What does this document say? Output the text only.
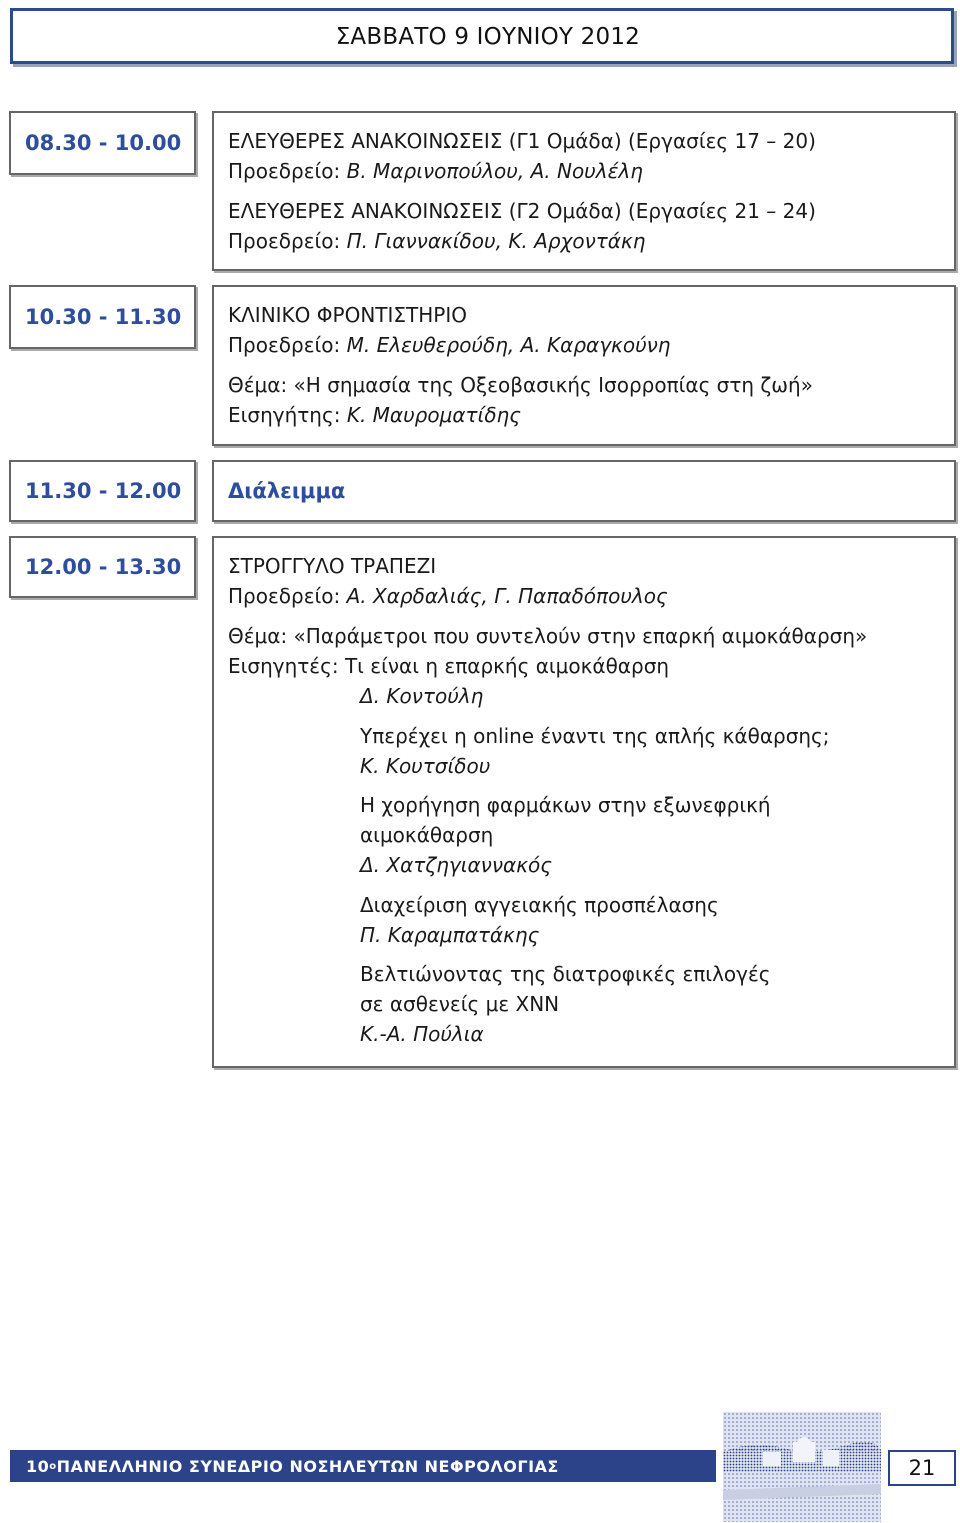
ΣΑΒΒΑΤΟ 9 ΙΟΥΝΙΟΥ 2012
08.30 - 10.00	ΕΛΕΥΘΕΡΕΣ ΑΝΑΚΟΙΝΩΣΕΙΣ (Γ1 Ομάδα) (Εργασίες 17 – 20)
Προεδρείο: Β. Μαρινοπούλου, Α. Νουλέλη
ΕΛΕΥΘΕΡΕΣ ΑΝΑΚΟΙΝΩΣΕΙΣ (Γ2 Ομάδα) (Εργασίες 21 – 24)
Προεδρείο: Π. Γιαννακίδου, Κ. Αρχοντάκη
10.30 - 11.30	ΚΛΙΝΙΚΟ ΦΡΟΝΤΙΣΤΗΡΙΟ
Προεδρείο: Μ. Ελευθερούδη, Α. Καραγκούνη
Θέμα: «Η σημασία της Οξεοβασικής Ισορροπίας στη ζωή»
Εισηγήτης: Κ. Μαυροματίδης
11.30 - 12.00	Διάλειμμα
12.00 - 13.30	ΣΤΡΟΓΓΥΛΟ ΤΡΑΠΕΖΙ
Προεδρείο: Α. Χαρδαλιάς, Γ. Παπαδόπουλος
Θέμα: «Παράμετροι που συντελούν στην επαρκή αιμοκάθαρση»
Εισηγητές: Τι είναι η επαρκής αιμοκάθαρση
Δ. Κοντούλη
Υπερέχει η online έναντι της απλής κάθαρσης;
Κ. Κουτσίδου
Η χορήγηση φαρμάκων στην εξωνεφρική
αιμοκάθαρση
Δ. Χατζηγιαννακός
Διαχείριση αγγειακής προσπέλασης
Π. Καραμπατάκης
Βελτιώνοντας της διατροφικές επιλογές
σε ασθενείς με ΧΝΝ
Κ.-Α. Πούλια
10 ο ΠΑΝΕΛΛΗΝΙΟ ΣΥΝΕΔΡΙΟ ΝΟΣΗΛΕΥΤΩΝ ΝΕΦΡΟΛΟΓΙΑΣ	21
